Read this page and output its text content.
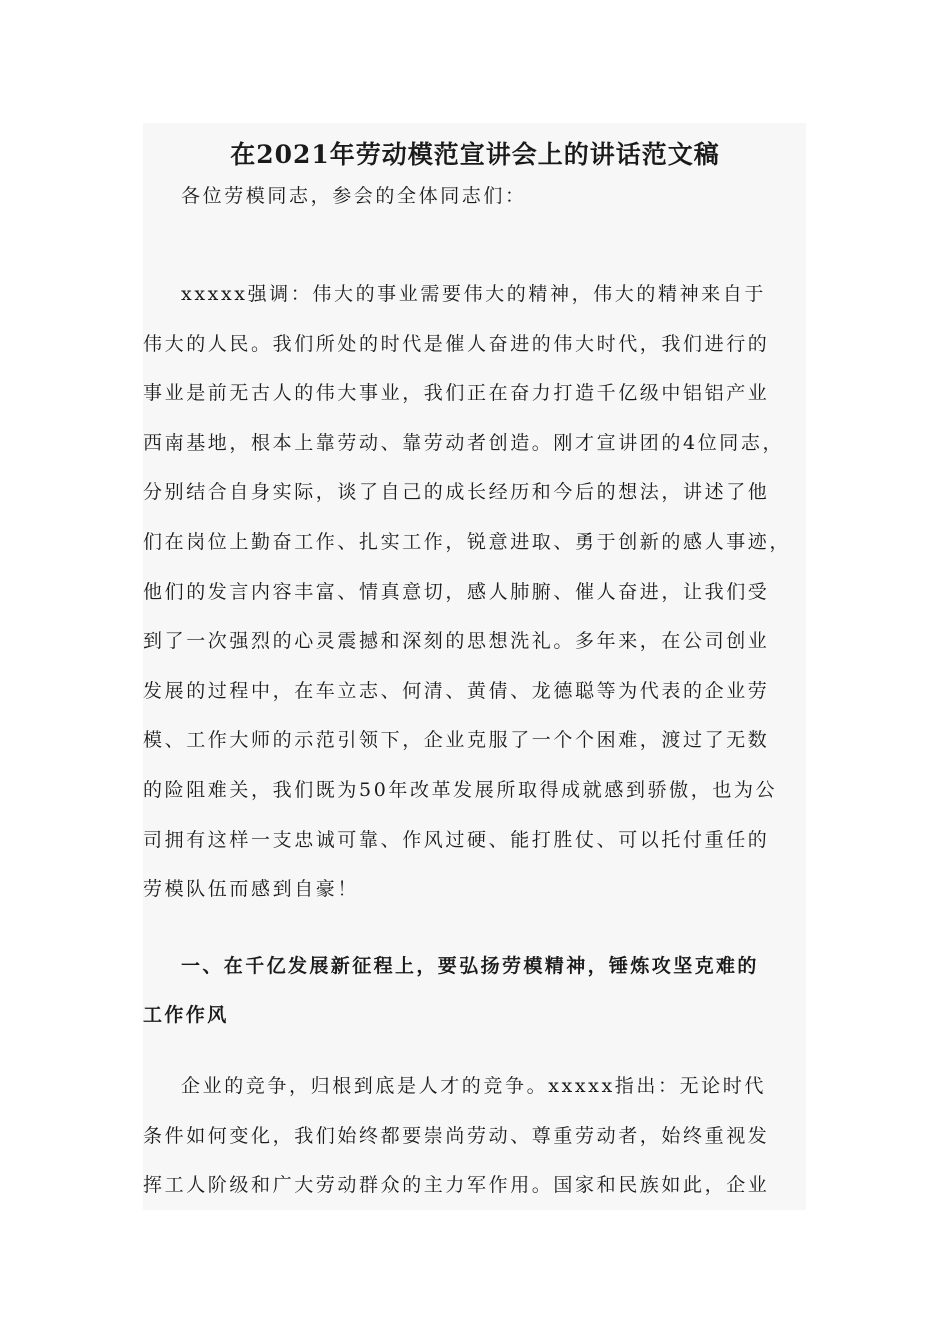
在2021年劳动模范宣讲会上的讲话范文稿

各位劳模同志，参会的全体同志们：

xxxxx强调：伟大的事业需要伟大的精神，伟大的精神来自于
伟大的人民。我们所处的时代是催人奋进的伟大时代，我们进行的
事业是前无古人的伟大事业，我们正在奋力打造千亿级中铝铝产业
西南基地，根本上靠劳动、靠劳动者创造。刚才宣讲团的4位同志，
分别结合自身实际，谈了自己的成长经历和今后的想法，讲述了他
们在岗位上勤奋工作、扎实工作，锐意进取、勇于创新的感人事迹，
他们的发言内容丰富、情真意切，感人肺腑、催人奋进，让我们受
到了一次强烈的心灵震撼和深刻的思想洗礼。多年来，在公司创业
发展的过程中，在车立志、何清、黄倩、龙德聪等为代表的企业劳
模、工作大师的示范引领下，企业克服了一个个困难，渡过了无数
的险阻难关，我们既为50年改革发展所取得成就感到骄傲，也为公
司拥有这样一支忠诚可靠、作风过硬、能打胜仗、可以托付重任的
劳模队伍而感到自豪！
一、在千亿发展新征程上，要弘扬劳模精神，锤炼攻坚克难的
工作作风
企业的竞争，归根到底是人才的竞争。xxxxx指出：无论时代
条件如何变化，我们始终都要崇尚劳动、尊重劳动者，始终重视发
挥工人阶级和广大劳动群众的主力军作用。国家和民族如此，企业
